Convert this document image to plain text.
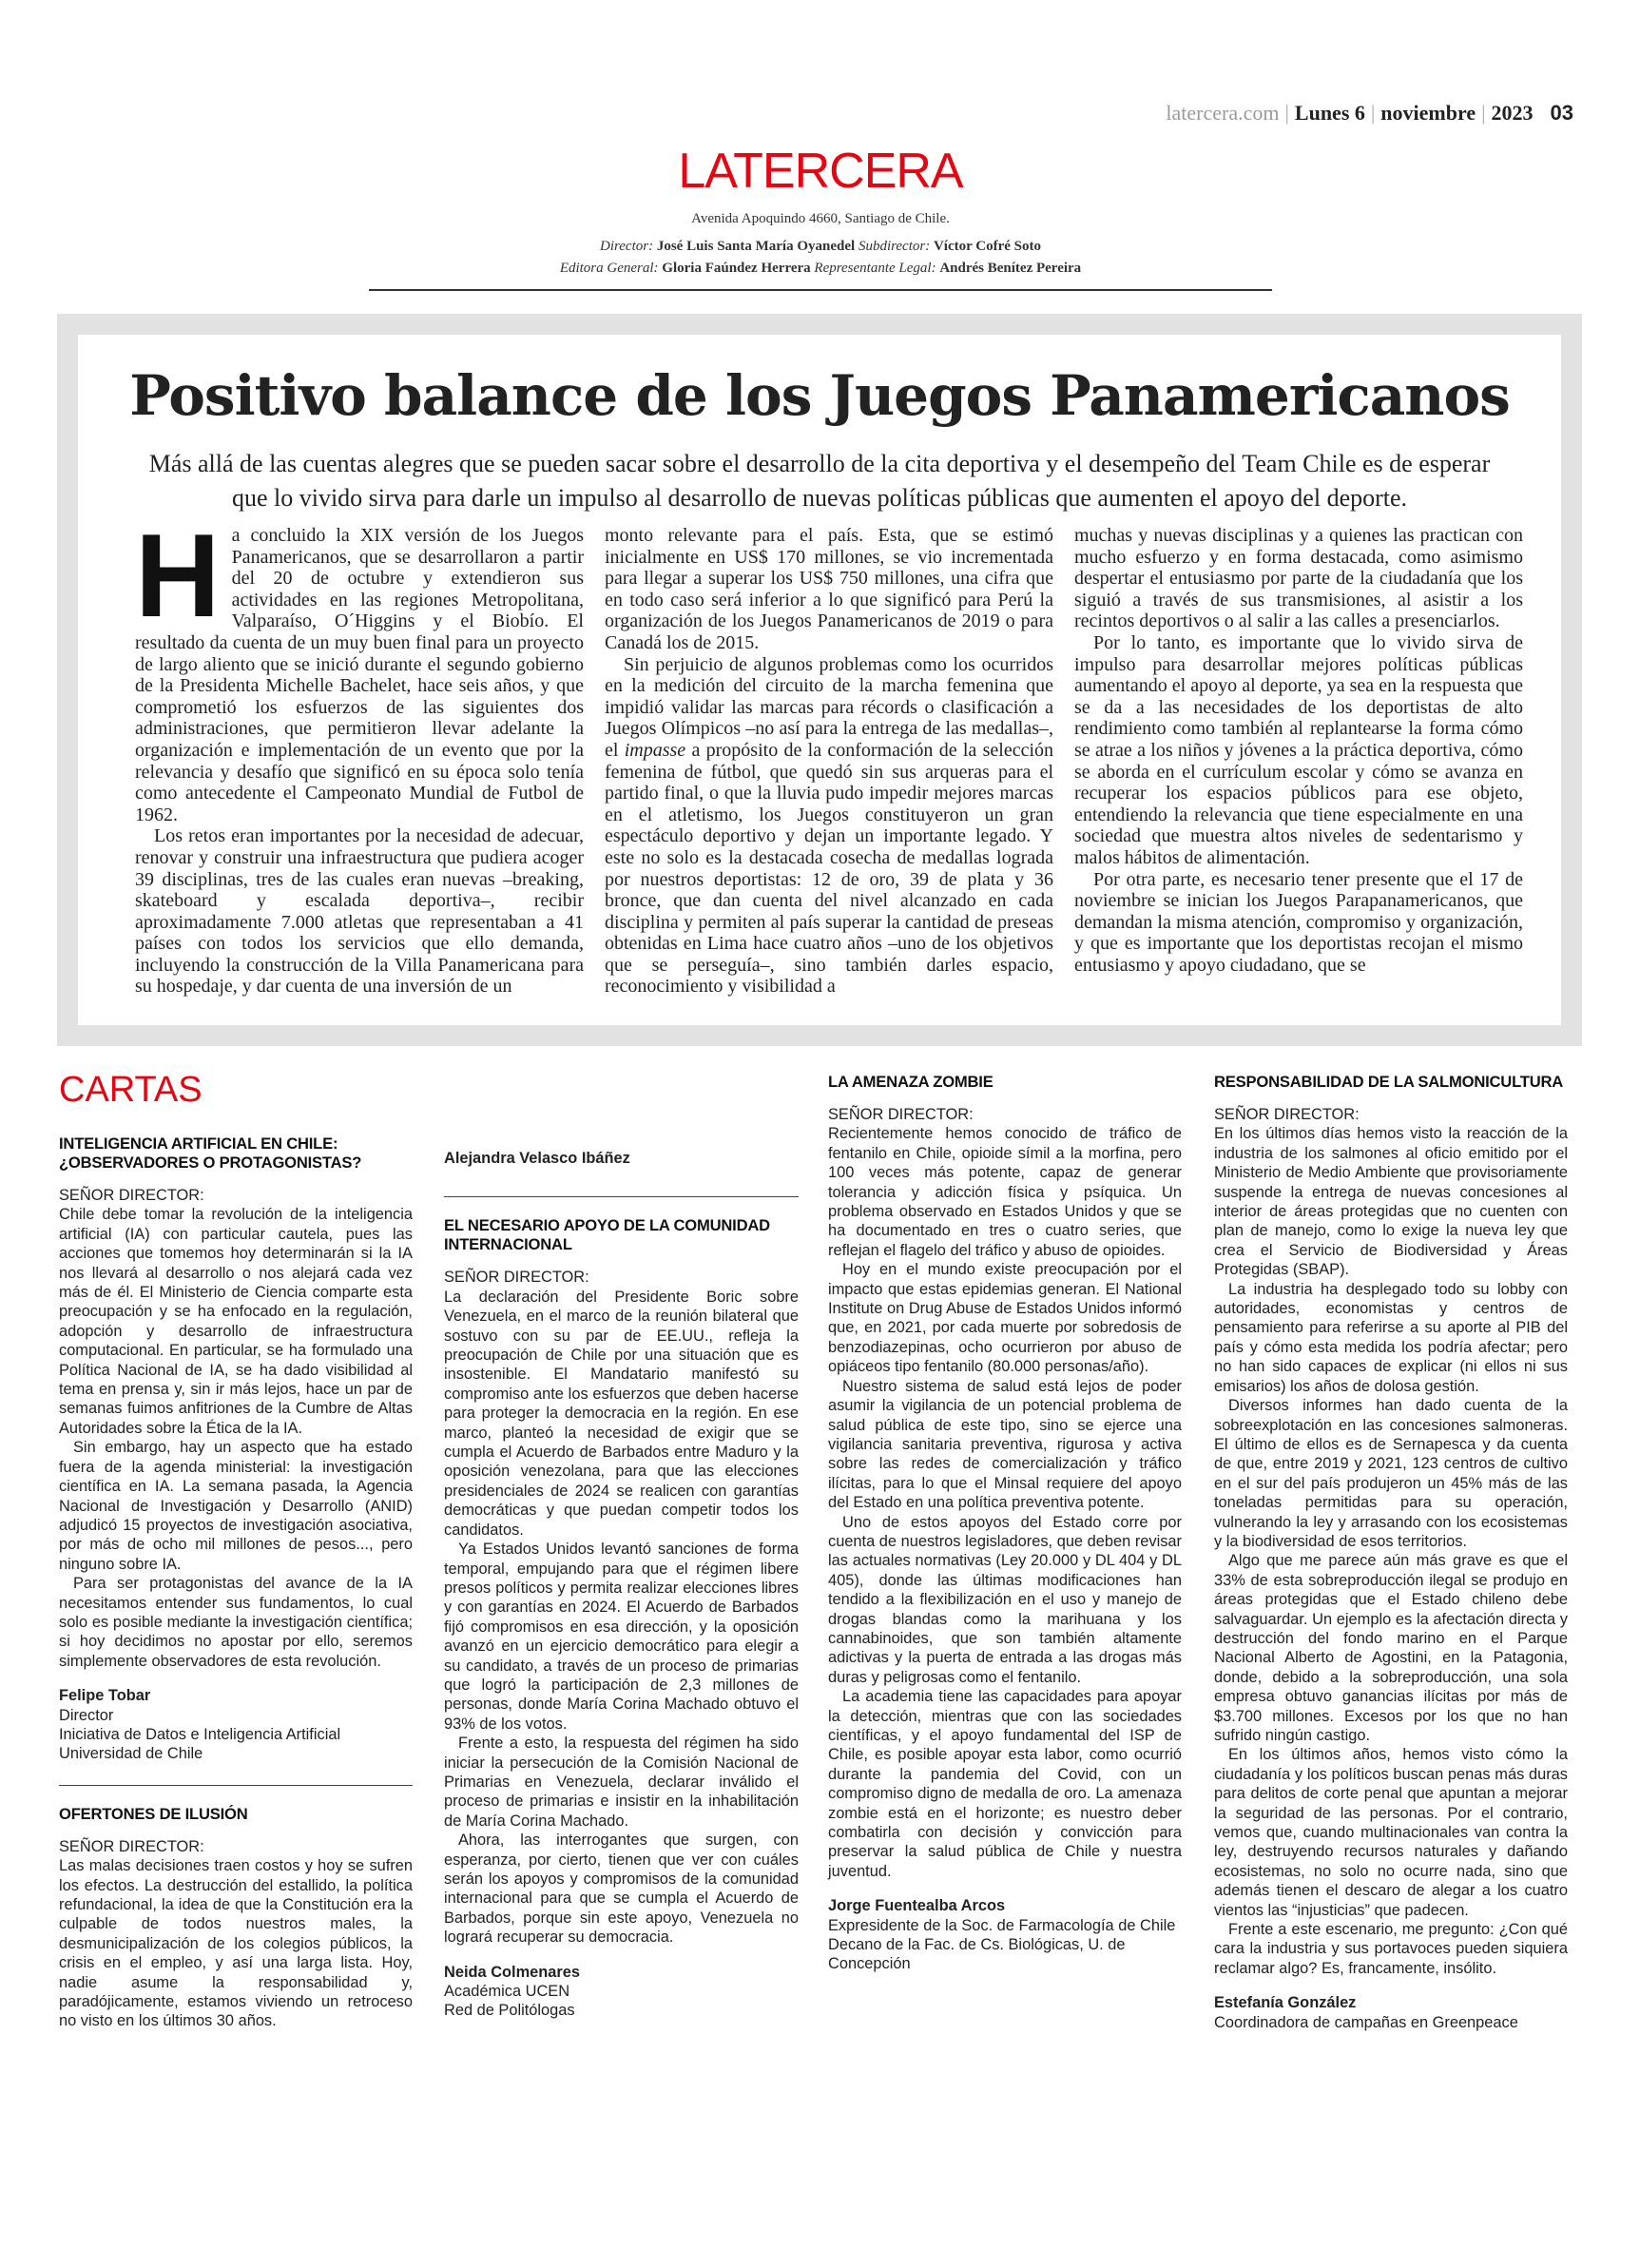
latercera.com | Lunes 6 | noviembre | 2023 03
LATERCERA
Avenida Apoquindo 4660, Santiago de Chile.
Director: José Luis Santa María Oyanedel Subdirector: Víctor Cofré Soto
Editora General: Gloria Faúndez Herrera Representante Legal: Andrés Benítez Pereira
Positivo balance de los Juegos Panamericanos
Más allá de las cuentas alegres que se pueden sacar sobre el desarrollo de la cita deportiva y el desempeño del Team Chile es de esperar que lo vivido sirva para darle un impulso al desarrollo de nuevas políticas públicas que aumenten el apoyo del deporte.

Ha concluido la XIX versión de los Juegos Panamericanos, que se desarrollaron a partir del 20 de octubre y extendieron sus actividades en las regiones Metropolitana, Valparaíso, O´Higgins y el Biobío. El resultado da cuenta de un muy buen final para un proyecto de largo aliento que se inició durante el segundo gobierno de la Presidenta Michelle Bachelet, hace seis años, y que comprometió los esfuerzos de las siguientes dos administraciones, que permitieron llevar adelante la organización e implementación de un evento que por la relevancia y desafío que significó en su época solo tenía como antecedente el Campeonato Mundial de Futbol de 1962.

Los retos eran importantes por la necesidad de adecuar, renovar y construir una infraestructura que pudiera acoger 39 disciplinas, tres de las cuales eran nuevas –breaking, skateboard y escalada deportiva–, recibir aproximadamente 7.000 atletas que representaban a 41 países con todos los servicios que ello demanda, incluyendo la construcción de la Villa Panamericana para su hospedaje, y dar cuenta de una inversión de un

monto relevante para el país. Esta, que se estimó inicialmente en US$ 170 millones, se vio incrementada para llegar a superar los US$ 750 millones, una cifra que en todo caso será inferior a lo que significó para Perú la organización de los Juegos Panamericanos de 2019 o para Canadá los de 2015.

Sin perjuicio de algunos problemas como los ocurridos en la medición del circuito de la marcha femenina que impidió validar las marcas para récords o clasificación a Juegos Olímpicos –no así para la entrega de las medallas–, el impasse a propósito de la conformación de la selección femenina de fútbol, que quedó sin sus arqueras para el partido final, o que la lluvia pudo impedir mejores marcas en el atletismo, los Juegos constituyeron un gran espectáculo deportivo y dejan un importante legado. Y este no solo es la destacada cosecha de medallas lograda por nuestros deportistas: 12 de oro, 39 de plata y 36 bronce, que dan cuenta del nivel alcanzado en cada disciplina y permiten al país superar la cantidad de preseas obtenidas en Lima hace cuatro años –uno de los objetivos que se perseguía–, sino también darles espacio, reconocimiento y visibilidad a

muchas y nuevas disciplinas y a quienes las practican con mucho esfuerzo y en forma destacada, como asimismo despertar el entusiasmo por parte de la ciudadanía que los siguió a través de sus transmisiones, al asistir a los recintos deportivos o al salir a las calles a presenciarlos.

Por lo tanto, es importante que lo vivido sirva de impulso para desarrollar mejores políticas públicas aumentando el apoyo al deporte, ya sea en la respuesta que se da a las necesidades de los deportistas de alto rendimiento como también al replantearse la forma cómo se atrae a los niños y jóvenes a la práctica deportiva, cómo se aborda en el currículum escolar y cómo se avanza en recuperar los espacios públicos para ese objeto, entendiendo la relevancia que tiene especialmente en una sociedad que muestra altos niveles de sedentarismo y malos hábitos de alimentación.

Por otra parte, es necesario tener presente que el 17 de noviembre se inician los Juegos Parapanamericanos, que demandan la misma atención, compromiso y organización, y que es importante que los deportistas recojan el mismo entusiasmo y apoyo ciudadano, que se

CARTAS

INTELIGENCIA ARTIFICIAL EN CHILE: ¿OBSERVADORES O PROTAGONISTAS?

SEÑOR DIRECTOR:

Chile debe tomar la revolución de la inteligencia artificial (IA) con particular cautela, pues las acciones que tomemos hoy determinarán si la IA nos llevará al desarrollo o nos alejará cada vez más de él. El Ministerio de Ciencia comparte esta preocupación y se ha enfocado en la regulación, adopción y desarrollo de infraestructura computacional. En particular, se ha formulado una Política Nacional de IA, se ha dado visibilidad al tema en prensa y, sin ir más lejos, hace un par de semanas fuimos anfitriones de la Cumbre de Altas Autoridades sobre la Ética de la IA.

Sin embargo, hay un aspecto que ha estado fuera de la agenda ministerial: la investigación científica en IA. La semana pasada, la Agencia Nacional de Investigación y Desarrollo (ANID) adjudicó 15 proyectos de investigación asociativa, por más de ocho mil millones de pesos..., pero ninguno sobre IA.

Para ser protagonistas del avance de la IA necesitamos entender sus fundamentos, lo cual solo es posible mediante la investigación científica; si hoy decidimos no apostar por ello, seremos simplemente observadores de esta revolución.

Felipe Tobar

Director

Iniciativa de Datos e Inteligencia Artificial

Universidad de Chile

OFERTONES DE ILUSIÓN

SEÑOR DIRECTOR:

Las malas decisiones traen costos y hoy se sufren los efectos. La destrucción del estallido, la política refundacional, la idea de que la Constitución era la culpable de todos nuestros males, la desmunicipalización de los colegios públicos, la crisis en el empleo, y así una larga lista. Hoy, nadie asume la responsabilidad y, paradójicamente, estamos viviendo un retroceso no visto en los últimos 30 años.

Alejandra Velasco Ibáñez

EL NECESARIO APOYO DE LA COMUNIDAD INTERNACIONAL

SEÑOR DIRECTOR:

La declaración del Presidente Boric sobre Venezuela, en el marco de la reunión bilateral que sostuvo con su par de EE.UU., refleja la preocupación de Chile por una situación que es insostenible. El Mandatario manifestó su compromiso ante los esfuerzos que deben hacerse para proteger la democracia en la región. En ese marco, planteó la necesidad de exigir que se cumpla el Acuerdo de Barbados entre Maduro y la oposición venezolana, para que las elecciones presidenciales de 2024 se realicen con garantías democráticas y que puedan competir todos los candidatos.

Ya Estados Unidos levantó sanciones de forma temporal, empujando para que el régimen libere presos políticos y permita realizar elecciones libres y con garantías en 2024. El Acuerdo de Barbados fijó compromisos en esa dirección, y la oposición avanzó en un ejercicio democrático para elegir a su candidato, a través de un proceso de primarias que logró la participación de 2,3 millones de personas, donde María Corina Machado obtuvo el 93% de los votos.

Frente a esto, la respuesta del régimen ha sido iniciar la persecución de la Comisión Nacional de Primarias en Venezuela, declarar inválido el proceso de primarias e insistir en la inhabilitación de María Corina Machado.

Ahora, las interrogantes que surgen, con esperanza, por cierto, tienen que ver con cuáles serán los apoyos y compromisos de la comunidad internacional para que se cumpla el Acuerdo de Barbados, porque sin este apoyo, Venezuela no logrará recuperar su democracia.

Neida Colmenares

Académica UCEN

Red de Politólogas

LA AMENAZA ZOMBIE

SEÑOR DIRECTOR:

Recientemente hemos conocido de tráfico de fentanilo en Chile, opioide símil a la morfina, pero 100 veces más potente, capaz de generar tolerancia y adicción física y psíquica. Un problema observado en Estados Unidos y que se ha documentado en tres o cuatro series, que reflejan el flagelo del tráfico y abuso de opioides.

Hoy en el mundo existe preocupación por el impacto que estas epidemias generan. El National Institute on Drug Abuse de Estados Unidos informó que, en 2021, por cada muerte por sobredosis de benzodiazepinas, ocho ocurrieron por abuso de opiáceos tipo fentanilo (80.000 personas/año).

Nuestro sistema de salud está lejos de poder asumir la vigilancia de un potencial problema de salud pública de este tipo, sino se ejerce una vigilancia sanitaria preventiva, rigurosa y activa sobre las redes de comercialización y tráfico ilícitas, para lo que el Minsal requiere del apoyo del Estado en una política preventiva potente.

Uno de estos apoyos del Estado corre por cuenta de nuestros legisladores, que deben revisar las actuales normativas (Ley 20.000 y DL 404 y DL 405), donde las últimas modificaciones han tendido a la flexibilización en el uso y manejo de drogas blandas como la marihuana y los cannabinoides, que son también altamente adictivas y la puerta de entrada a las drogas más duras y peligrosas como el fentanilo.

La academia tiene las capacidades para apoyar la detección, mientras que con las sociedades científicas, y el apoyo fundamental del ISP de Chile, es posible apoyar esta labor, como ocurrió durante la pandemia del Covid, con un compromiso digno de medalla de oro. La amenaza zombie está en el horizonte; es nuestro deber combatirla con decisión y convicción para preservar la salud pública de Chile y nuestra juventud.

Jorge Fuentealba Arcos

Expresidente de la Soc. de Farmacología de Chile Decano de la Fac. de Cs. Biológicas, U. de Concepción

RESPONSABILIDAD DE LA SALMONICULTURA

SEÑOR DIRECTOR:

En los últimos días hemos visto la reacción de la industria de los salmones al oficio emitido por el Ministerio de Medio Ambiente que provisoriamente suspende la entrega de nuevas concesiones al interior de áreas protegidas que no cuenten con plan de manejo, como lo exige la nueva ley que crea el Servicio de Biodiversidad y Áreas Protegidas (SBAP).

La industria ha desplegado todo su lobby con autoridades, economistas y centros de pensamiento para referirse a su aporte al PIB del país y cómo esta medida los podría afectar; pero no han sido capaces de explicar (ni ellos ni sus emisarios) los años de dolosa gestión.

Diversos informes han dado cuenta de la sobreexplotación en las concesiones salmoneras. El último de ellos es de Sernapesca y da cuenta de que, entre 2019 y 2021, 123 centros de cultivo en el sur del país produjeron un 45% más de las toneladas permitidas para su operación, vulnerando la ley y arrasando con los ecosistemas y la biodiversidad de esos territorios.

Algo que me parece aún más grave es que el 33% de esta sobreproducción ilegal se produjo en áreas protegidas que el Estado chileno debe salvaguardar. Un ejemplo es la afectación directa y destrucción del fondo marino en el Parque Nacional Alberto de Agostini, en la Patagonia, donde, debido a la sobreproducción, una sola empresa obtuvo ganancias ilícitas por más de $3.700 millones. Excesos por los que no han sufrido ningún castigo.

En los últimos años, hemos visto cómo la ciudadanía y los políticos buscan penas más duras para delitos de corte penal que apuntan a mejorar la seguridad de las personas. Por el contrario, vemos que, cuando multinacionales van contra la ley, destruyendo recursos naturales y dañando ecosistemas, no solo no ocurre nada, sino que además tienen el descaro de alegar a los cuatro vientos las “injusticias” que padecen.

Frente a este escenario, me pregunto: ¿Con qué cara la industria y sus portavoces pueden siquiera reclamar algo? Es, francamente, insólito.

Estefanía González

Coordinadora de campañas en Greenpeace
